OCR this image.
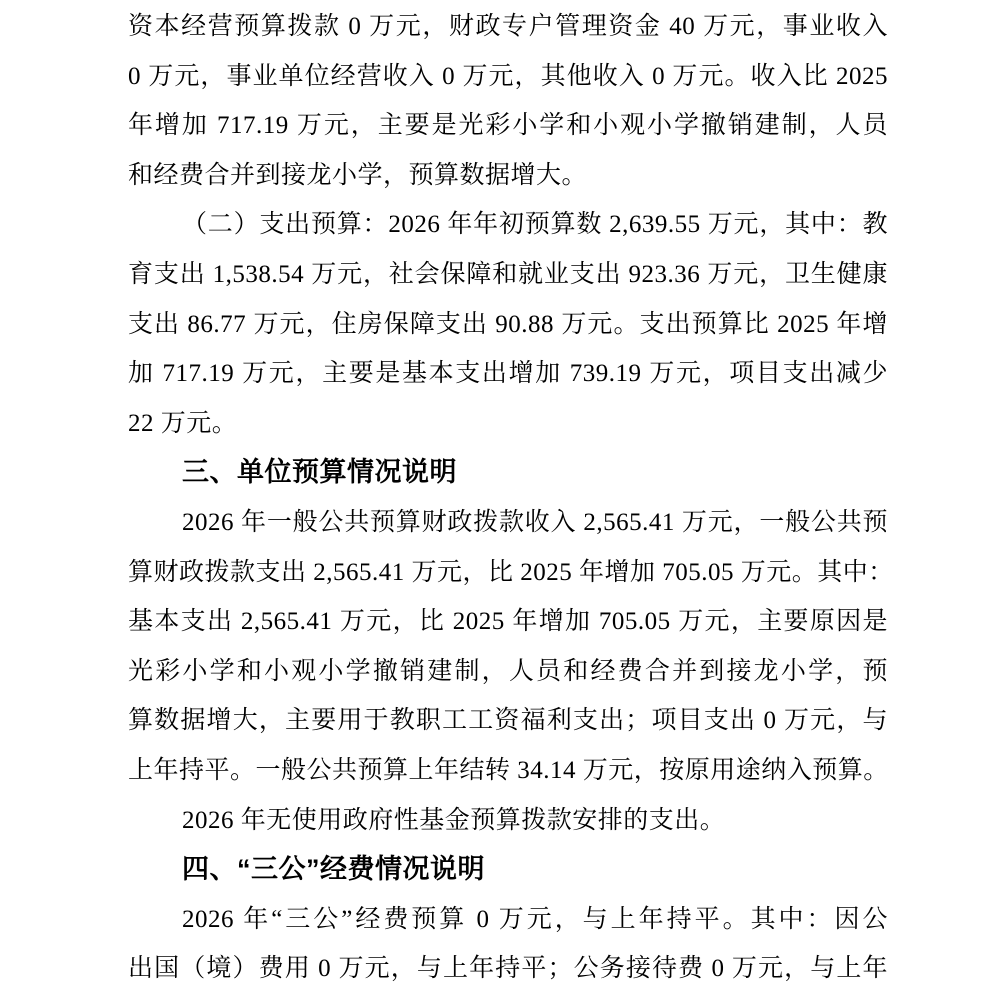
资本经营预算拨款 0 万元，财政专户管理资金 40 万元，事业收入
0 万元，事业单位经营收入 0 万元，其他收入 0 万元。收入比 2025
年增加 717.19 万元，主要是光彩小学和小观小学撤销建制，人员
和经费合并到接龙小学，预算数据增大。
（二）支出预算：2026 年年初预算数 2,639.55 万元，其中：教
育支出 1,538.54 万元，社会保障和就业支出 923.36 万元，卫生健康
支出 86.77 万元，住房保障支出 90.88 万元。支出预算比 2025 年增
加 717.19 万元，主要是基本支出增加 739.19 万元，项目支出减少
22 万元。
三、单位预算情况说明
2026 年一般公共预算财政拨款收入 2,565.41 万元，一般公共预
算财政拨款支出 2,565.41 万元，比 2025 年增加 705.05 万元。其中：
基本支出 2,565.41 万元，比 2025 年增加 705.05 万元，主要原因是
光彩小学和小观小学撤销建制，人员和经费合并到接龙小学，预
算数据增大，主要用于教职工工资福利支出；项目支出 0 万元，与
上年持平。一般公共预算上年结转 34.14 万元，按原用途纳入预算。
2026 年无使用政府性基金预算拨款安排的支出。
四、“三公”经费情况说明
2026 年“三公”经费预算 0 万元，与上年持平。其中：因公
出国（境）费用 0 万元，与上年持平；公务接待费 0 万元，与上年
